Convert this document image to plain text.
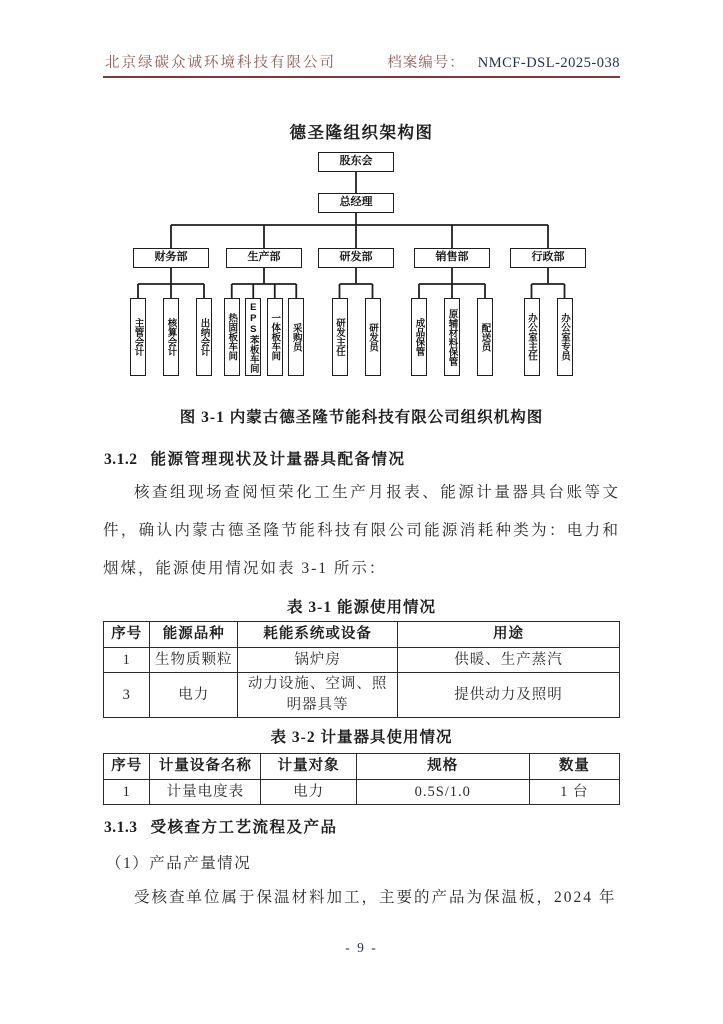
北京绿碳众诚环境科技有限公司	档案编号： NMCF-DSL-2025-038
德圣隆组织架构图
股东会
总经理
财务部
主管会计 核算会计 出纳会计
生产部
热固板车间 EPS苯板车间 一体板车间 采购员
研发部
研发主任 研发员
销售部
成品保管 原辅材料保管 配送员
行政部
办公室主任 办公室专员
图 3-1 内蒙古德圣隆节能科技有限公司组织机构图
3.1.2 能源管理现状及计量器具配备情况

核查组现场查阅恒荣化工生产月报表、能源计量器具台账等文件，确认内蒙古德圣隆节能科技有限公司能源消耗种类为：电力和烟煤，能源使用情况如表 3-1 所示：

表 3-1 能源使用情况
序号	能源品种	耗能系统或设备	用途
1	生物质颗粒	锅炉房	供暖、生产蒸汽
3	电力	动力设施、空调、照明器具等	提供动力及照明
表 3-2 计量器具使用情况
序号	计量设备名称	计量对象	规格	数量
1	计量电度表	电力	0.5S/1.0	1 台
3.1.3 受核查方工艺流程及产品
（1）产品产量情况

受核查单位属于保温材料加工，主要的产品为保温板，2024 年

- 9 -
